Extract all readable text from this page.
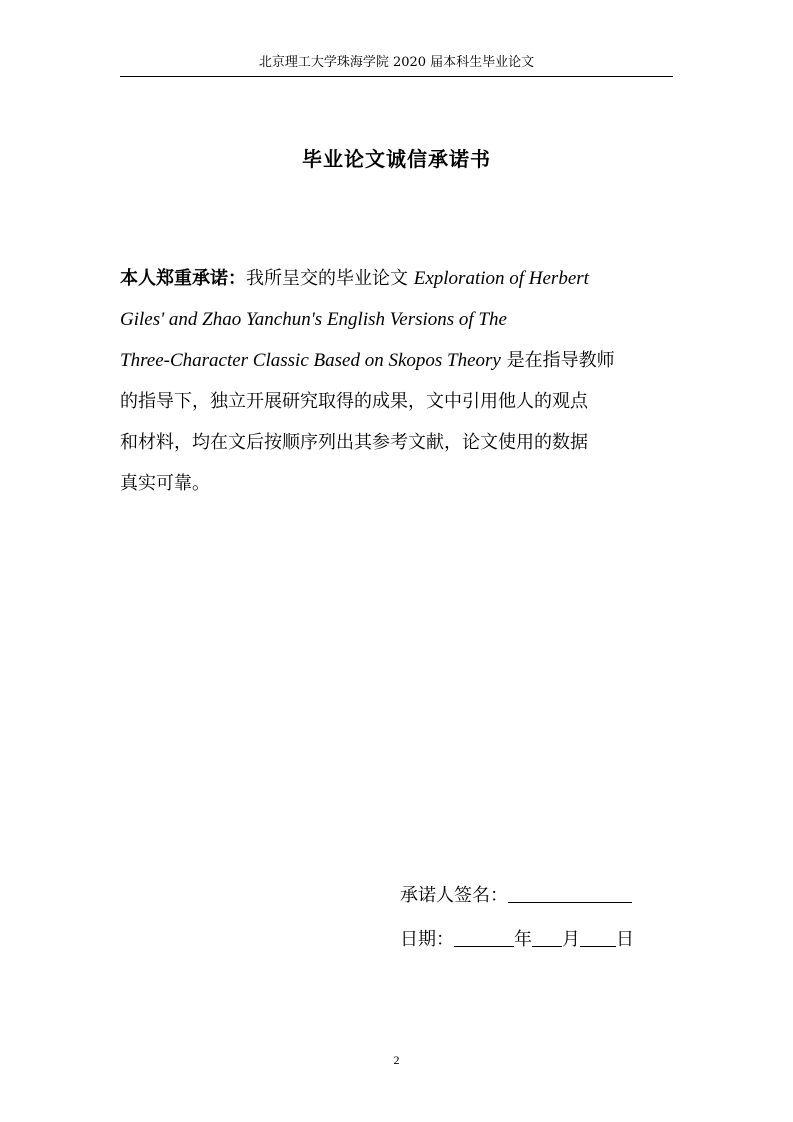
北京理工大学珠海学院 2020 届本科生毕业论文
毕业论文诚信承诺书
本人郑重承诺：我所呈交的毕业论文 Exploration of Herbert
Giles' and Zhao Yanchun's English Versions of The
Three-Character Classic Based on Skopos Theory 是在指导教师
的指导下，独立开展研究取得的成果，文中引用他人的观点
和材料，均在文后按顺序列出其参考文献，论文使用的数据
真实可靠。
承诺人签名：
日期：	年 月 日
2
